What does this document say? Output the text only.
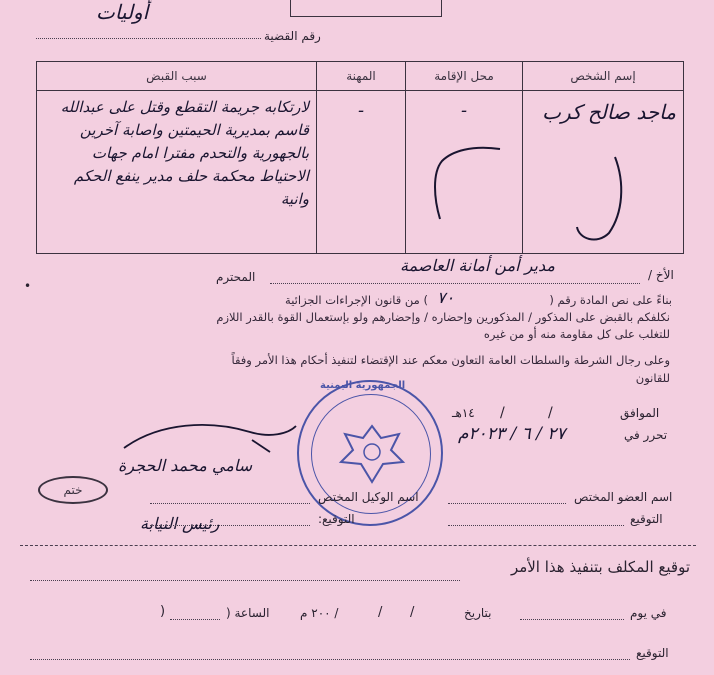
أوليات
رقم القضية
إسم الشخص	محل الإقامة	المهنة	سبب القبض

ماجد صالح كرب	-	-	لارتكابه جريمة التقطع وقتل على عبدالله قاسم بمديرية الحيمتين واصابة آخرين بالجهورية والتحدم مفترا امام جهات الاحتياط محكمة حلف مدير ينفع الحكم وانية
•
الأخ /
مدير أمن أمانة العاصمة
المحترم
بناءً على نص المادة رقم (
٧٠
) من قانون الإجراءات الجزائية
نكلفكم بالقبض على المذكور / المذكورين وإحضاره / وإحضارهم ولو بإستعمال القوة بالقدر اللازم
للتغلب على كل مقاومة منه أو من غيره
وعلى رجال الشرطة والسلطات العامة التعاون معكم عند الإقتضاء لتنفيذ أحكام هذا الأمر وفقاً
للقانون
الجمهورية اليمنية
الموافق
/
/
١٤هـ
تحرر في
٢٧ / ٦ / ٢٠٢٣م
سامي محمد الحجرة
رئيس النيابة
ختم	اسم العضو المختص
اسم الوكيل المختص
التوقيع
التوقيع:
توقيع المكلف بتنفيذ هذا الأمر
في يوم
بتاريخ
/
/
/ ٢٠٠ م
الساعة (
)
التوقيع
